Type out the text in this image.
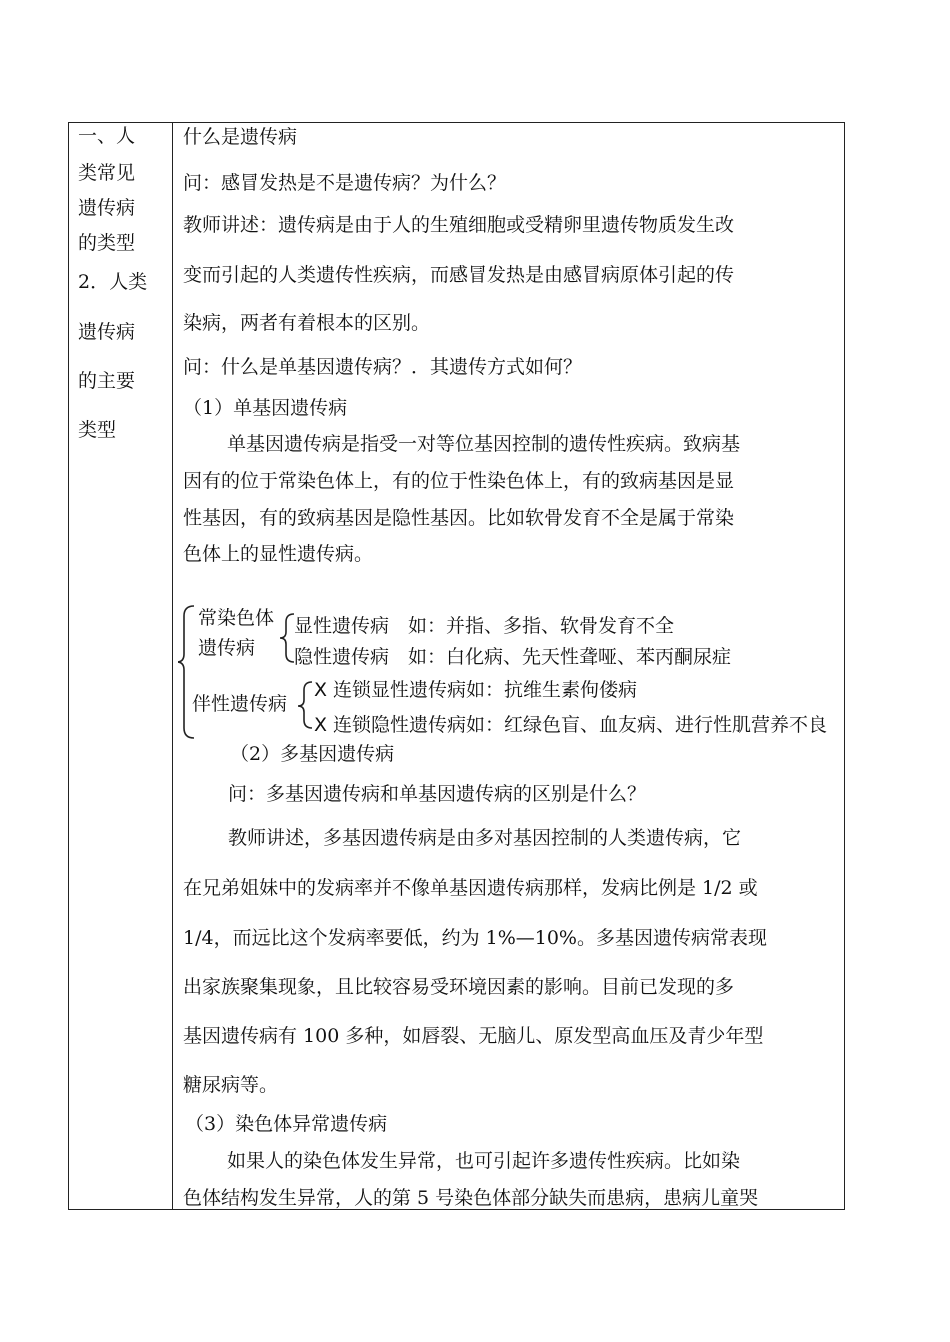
一、人
类常见
遗传病
的类型
2．人类
遗传病
的主要
类型
什么是遗传病
问：感冒发热是不是遗传病？为什么？
教师讲述：遗传病是由于人的生殖细胞或受精卵里遗传物质发生改
变而引起的人类遗传性疾病，而感冒发热是由感冒病原体引起的传
染病，两者有着根本的区别。
问：什么是单基因遗传病？．其遗传方式如何？
（1）单基因遗传病
单基因遗传病是指受一对等位基因控制的遗传性疾病。致病基
因有的位于常染色体上，有的位于性染色体上，有的致病基因是显
性基因，有的致病基因是隐性基因。比如软骨发育不全是属于常染
色体上的显性遗传病。
常染色体
遗传病
显性遗传病　如：并指、多指、软骨发育不全
隐性遗传病　如：白化病、先天性聋哑、苯丙酮尿症
伴性遗传病
X 连锁显性遗传病如：抗维生素佝偻病
X 连锁隐性遗传病如：红绿色盲、血友病、进行性肌营养不良
（2）多基因遗传病
问：多基因遗传病和单基因遗传病的区别是什么？
教师讲述，多基因遗传病是由多对基因控制的人类遗传病，它
在兄弟姐妹中的发病率并不像单基因遗传病那样，发病比例是 1/2 或
1/4，而远比这个发病率要低，约为 1%—10%。多基因遗传病常表现
出家族聚集现象，且比较容易受环境因素的影响。目前已发现的多
基因遗传病有 100 多种，如唇裂、无脑儿、原发型高血压及青少年型
糖尿病等。
（3）染色体异常遗传病
如果人的染色体发生异常，也可引起许多遗传性疾病。比如染
色体结构发生异常，人的第 5 号染色体部分缺失而患病，患病儿童哭
